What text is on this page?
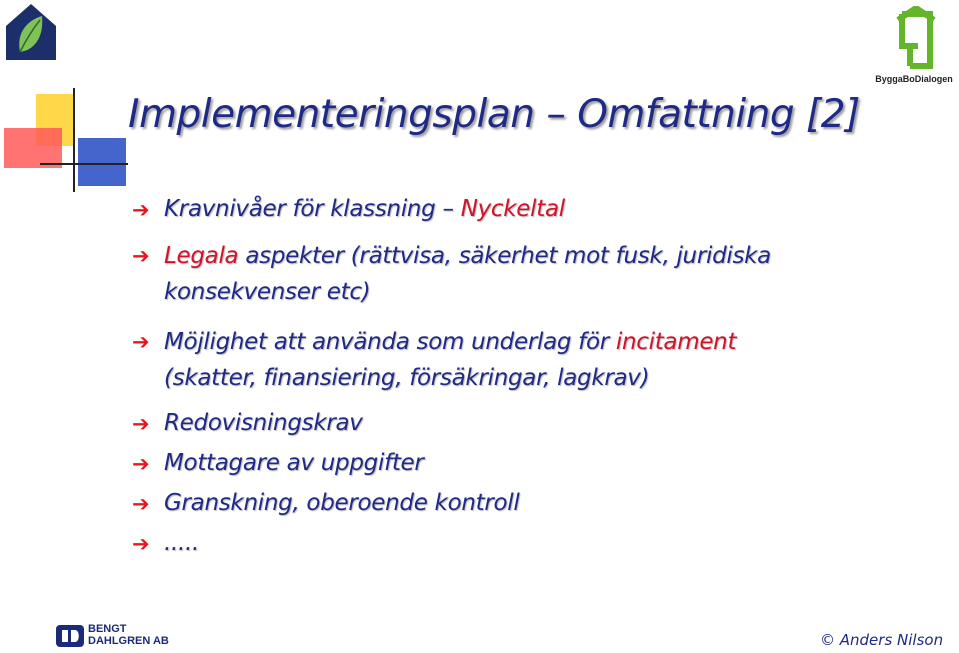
ByggaBoDialogen
Implementeringsplan – Omfattning [2]
➔ Kravnivåer för klassning – Nyckeltal
➔ Legala aspekter (rättvisa, säkerhet mot fusk, juridiska
konsekvenser etc)
➔ Möjlighet att använda som underlag för incitament
(skatter, finansiering, försäkringar, lagkrav)
➔ Redovisningskrav
➔ Mottagare av uppgifter
➔ Granskning, oberoende kontroll
➔ .....
BENGT
DAHLGREN AB	© Anders Nilson
